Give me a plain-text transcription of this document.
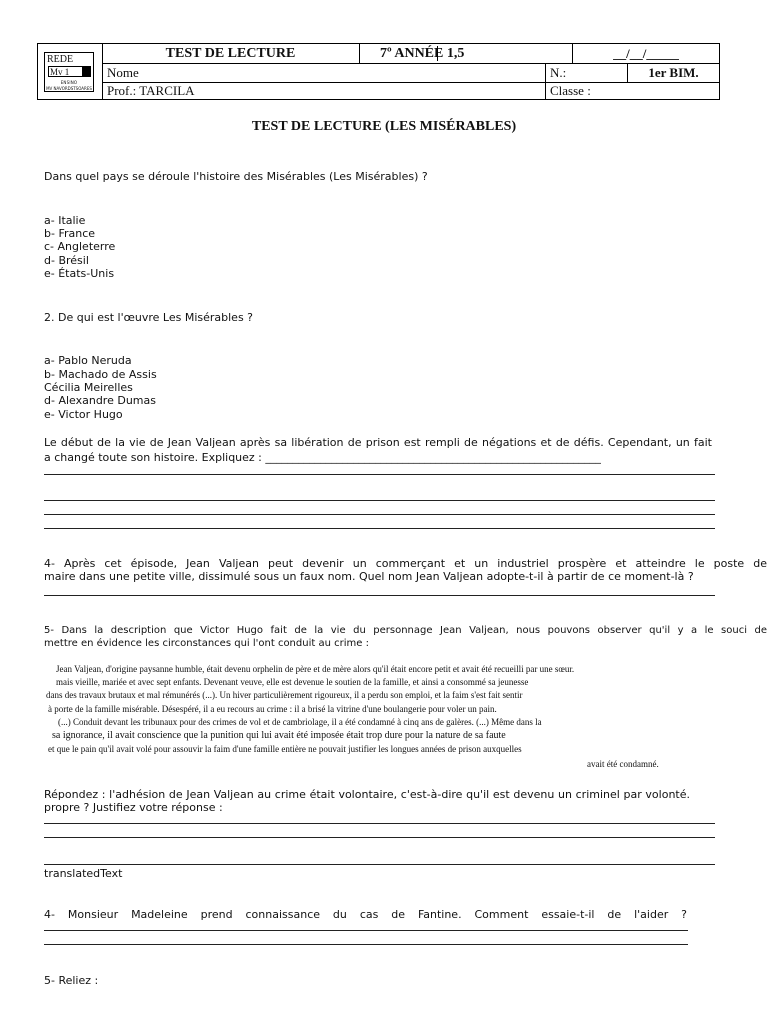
REDE
Mv 1
ENSINO
MV NAVORDSTSOARES
TEST DE LECTURE	7º ANNÉE 1,5	__/__/_____
Nome	N.:	1er BIM.
Prof.: TARCILA	Classe :
TEST DE LECTURE (LES MISÉRABLES)
Dans quel pays se déroule l'histoire des Misérables (Les Misérables) ?
a- Italie
b- France
c- Angleterre
d- Brésil
e- États-Unis
2. De qui est l'œuvre Les Misérables ?
a- Pablo Neruda
b- Machado de Assis
Cécilia Meirelles
d- Alexandre Dumas
e- Victor Hugo
Le début de la vie de Jean Valjean après sa libération de prison est rempli de négations et de défis. Cependant, un fait
a changé toute son histoire. Expliquez : _____________________________________________________________
4- Après cet épisode, Jean Valjean peut devenir un commerçant et un industriel prospère et atteindre le poste de
maire dans une petite ville, dissimulé sous un faux nom. Quel nom Jean Valjean adopte-t-il à partir de ce moment-là ?
5- Dans la description que Victor Hugo fait de la vie du personnage Jean Valjean, nous pouvons observer qu'il y a le souci de
mettre en évidence les circonstances qui l'ont conduit au crime :
Jean Valjean, d'origine paysanne humble, était devenu orphelin de père et de mère alors qu'il était encore petit et avait été recueilli par une sœur.
mais vieille, mariée et avec sept enfants. Devenant veuve, elle est devenue le soutien de la famille, et ainsi a consommé sa jeunesse
dans des travaux brutaux et mal rémunérés (...). Un hiver particulièrement rigoureux, il a perdu son emploi, et la faim s'est fait sentir
à porte de la famille misérable. Désespéré, il a eu recours au crime : il a brisé la vitrine d'une boulangerie pour voler un pain.
(...) Conduit devant les tribunaux pour des crimes de vol et de cambriolage, il a été condamné à cinq ans de galères. (...) Même dans la
sa ignorance, il avait conscience que la punition qui lui avait été imposée était trop dure pour la nature de sa faute
et que le pain qu'il avait volé pour assouvir la faim d'une famille entière ne pouvait justifier les longues années de prison auxquelles
avait été condamné.
Répondez : l'adhésion de Jean Valjean au crime était volontaire, c'est-à-dire qu'il est devenu un criminel par volonté.
propre ? Justifiez votre réponse :
translatedText
4- Monsieur Madeleine prend connaissance du cas de Fantine. Comment essaie-t-il de l'aider ?
5- Reliez :
